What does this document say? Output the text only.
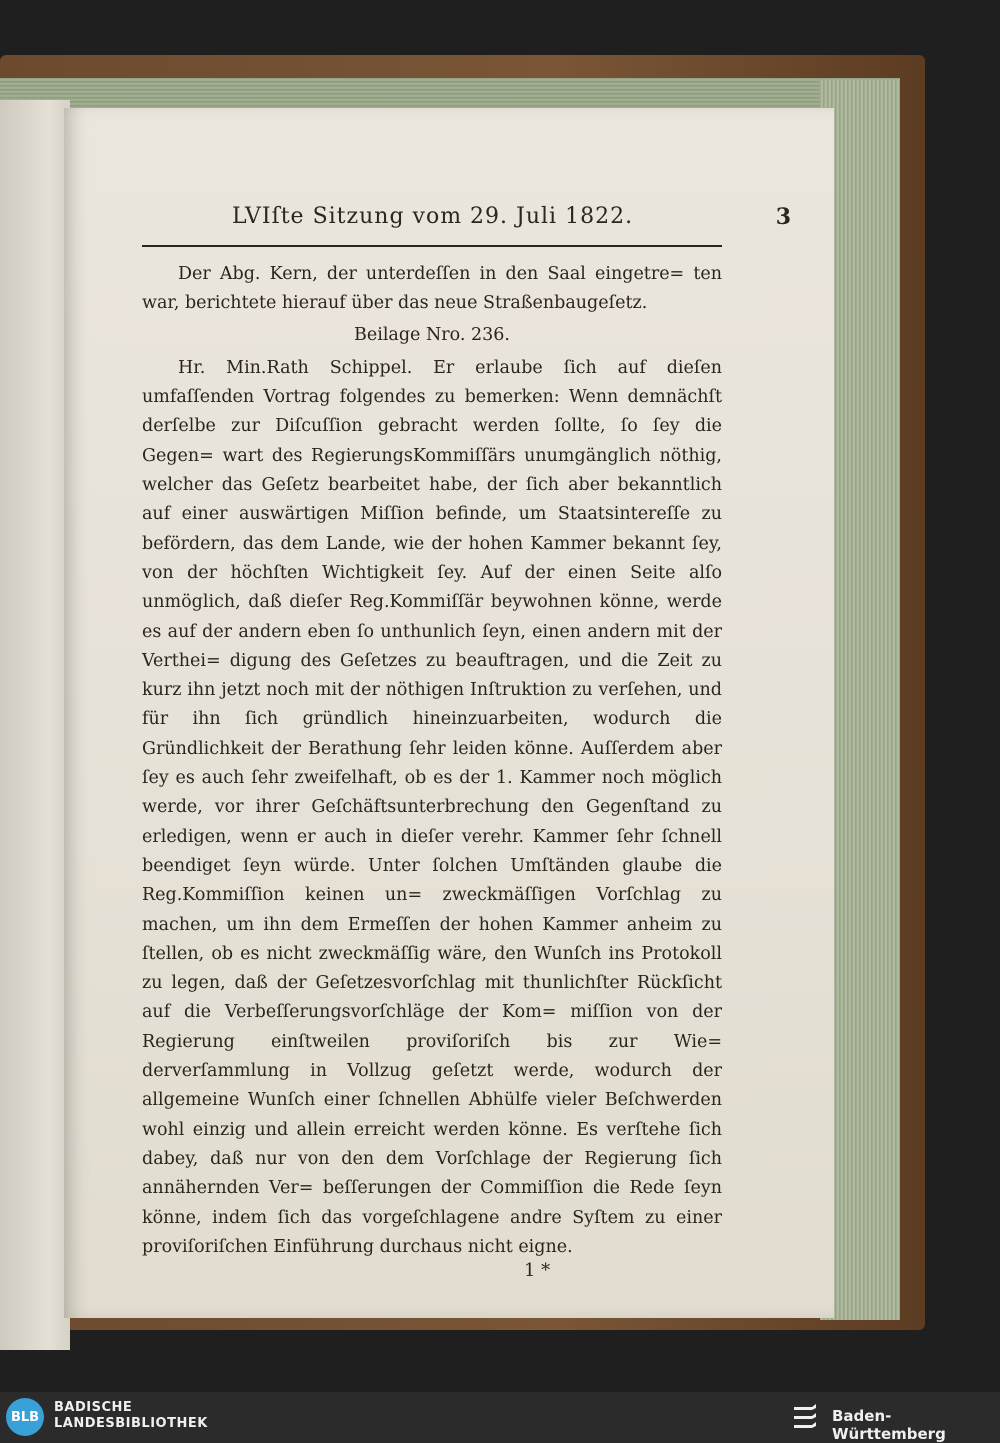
LVIſte Sitzung vom 29. Juli 1822.	3

Der Abg. Kern, der unterdeſſen in den Saal eingetre= ten war, berichtete hierauf über das neue Straßenbaugeſetz.

Beilage Nro. 236.

Hr. Min.Rath Schippel. Er erlaube ſich auf dieſen umfaſſenden Vortrag folgendes zu bemerken: Wenn demnächſt derſelbe zur Diſcuſſion gebracht werden ſollte, ſo ſey die Gegen= wart des RegierungsKommiſſärs unumgänglich nöthig, welcher das Geſetz bearbeitet habe, der ſich aber bekanntlich auf einer auswärtigen Miſſion befinde, um Staatsintereſſe zu befördern, das dem Lande, wie der hohen Kammer bekannt ſey, von der höchſten Wichtigkeit ſey. Auf der einen Seite alſo unmöglich, daß dieſer Reg.Kommiſſär beywohnen könne, werde es auf der andern eben ſo unthunlich ſeyn, einen andern mit der Verthei= digung des Geſetzes zu beauftragen, und die Zeit zu kurz ihn jetzt noch mit der nöthigen Inſtruktion zu verſehen, und für ihn ſich gründlich hineinzuarbeiten, wodurch die Gründlichkeit der Berathung ſehr leiden könne. Auſſerdem aber ſey es auch ſehr zweifelhaft, ob es der 1. Kammer noch möglich werde, vor ihrer Geſchäftsunterbrechung den Gegenſtand zu erledigen, wenn er auch in dieſer verehr. Kammer ſehr ſchnell beendiget ſeyn würde. Unter ſolchen Umſtänden glaube die Reg.Kommiſſion keinen un= zweckmäſſigen Vorſchlag zu machen, um ihn dem Ermeſſen der hohen Kammer anheim zu ſtellen, ob es nicht zweckmäſſig wäre, den Wunſch ins Protokoll zu legen, daß der Geſetzesvorſchlag mit thunlichſter Rückſicht auf die Verbeſſerungsvorſchläge der Kom= miſſion von der Regierung einſtweilen proviſoriſch bis zur Wie= derverſammlung in Vollzug geſetzt werde, wodurch der allgemeine Wunſch einer ſchnellen Abhülfe vieler Beſchwerden wohl einzig und allein erreicht werden könne. Es verſtehe ſich dabey, daß nur von den dem Vorſchlage der Regierung ſich annähernden Ver= beſſerungen der Commiſſion die Rede ſeyn könne, indem ſich das vorgeſchlagene andre Syſtem zu einer proviſoriſchen Einführung durchaus nicht eigne.

1 *
BLB
BADISCHE
LANDESBIBLIOTHEK	Baden-Württemberg
